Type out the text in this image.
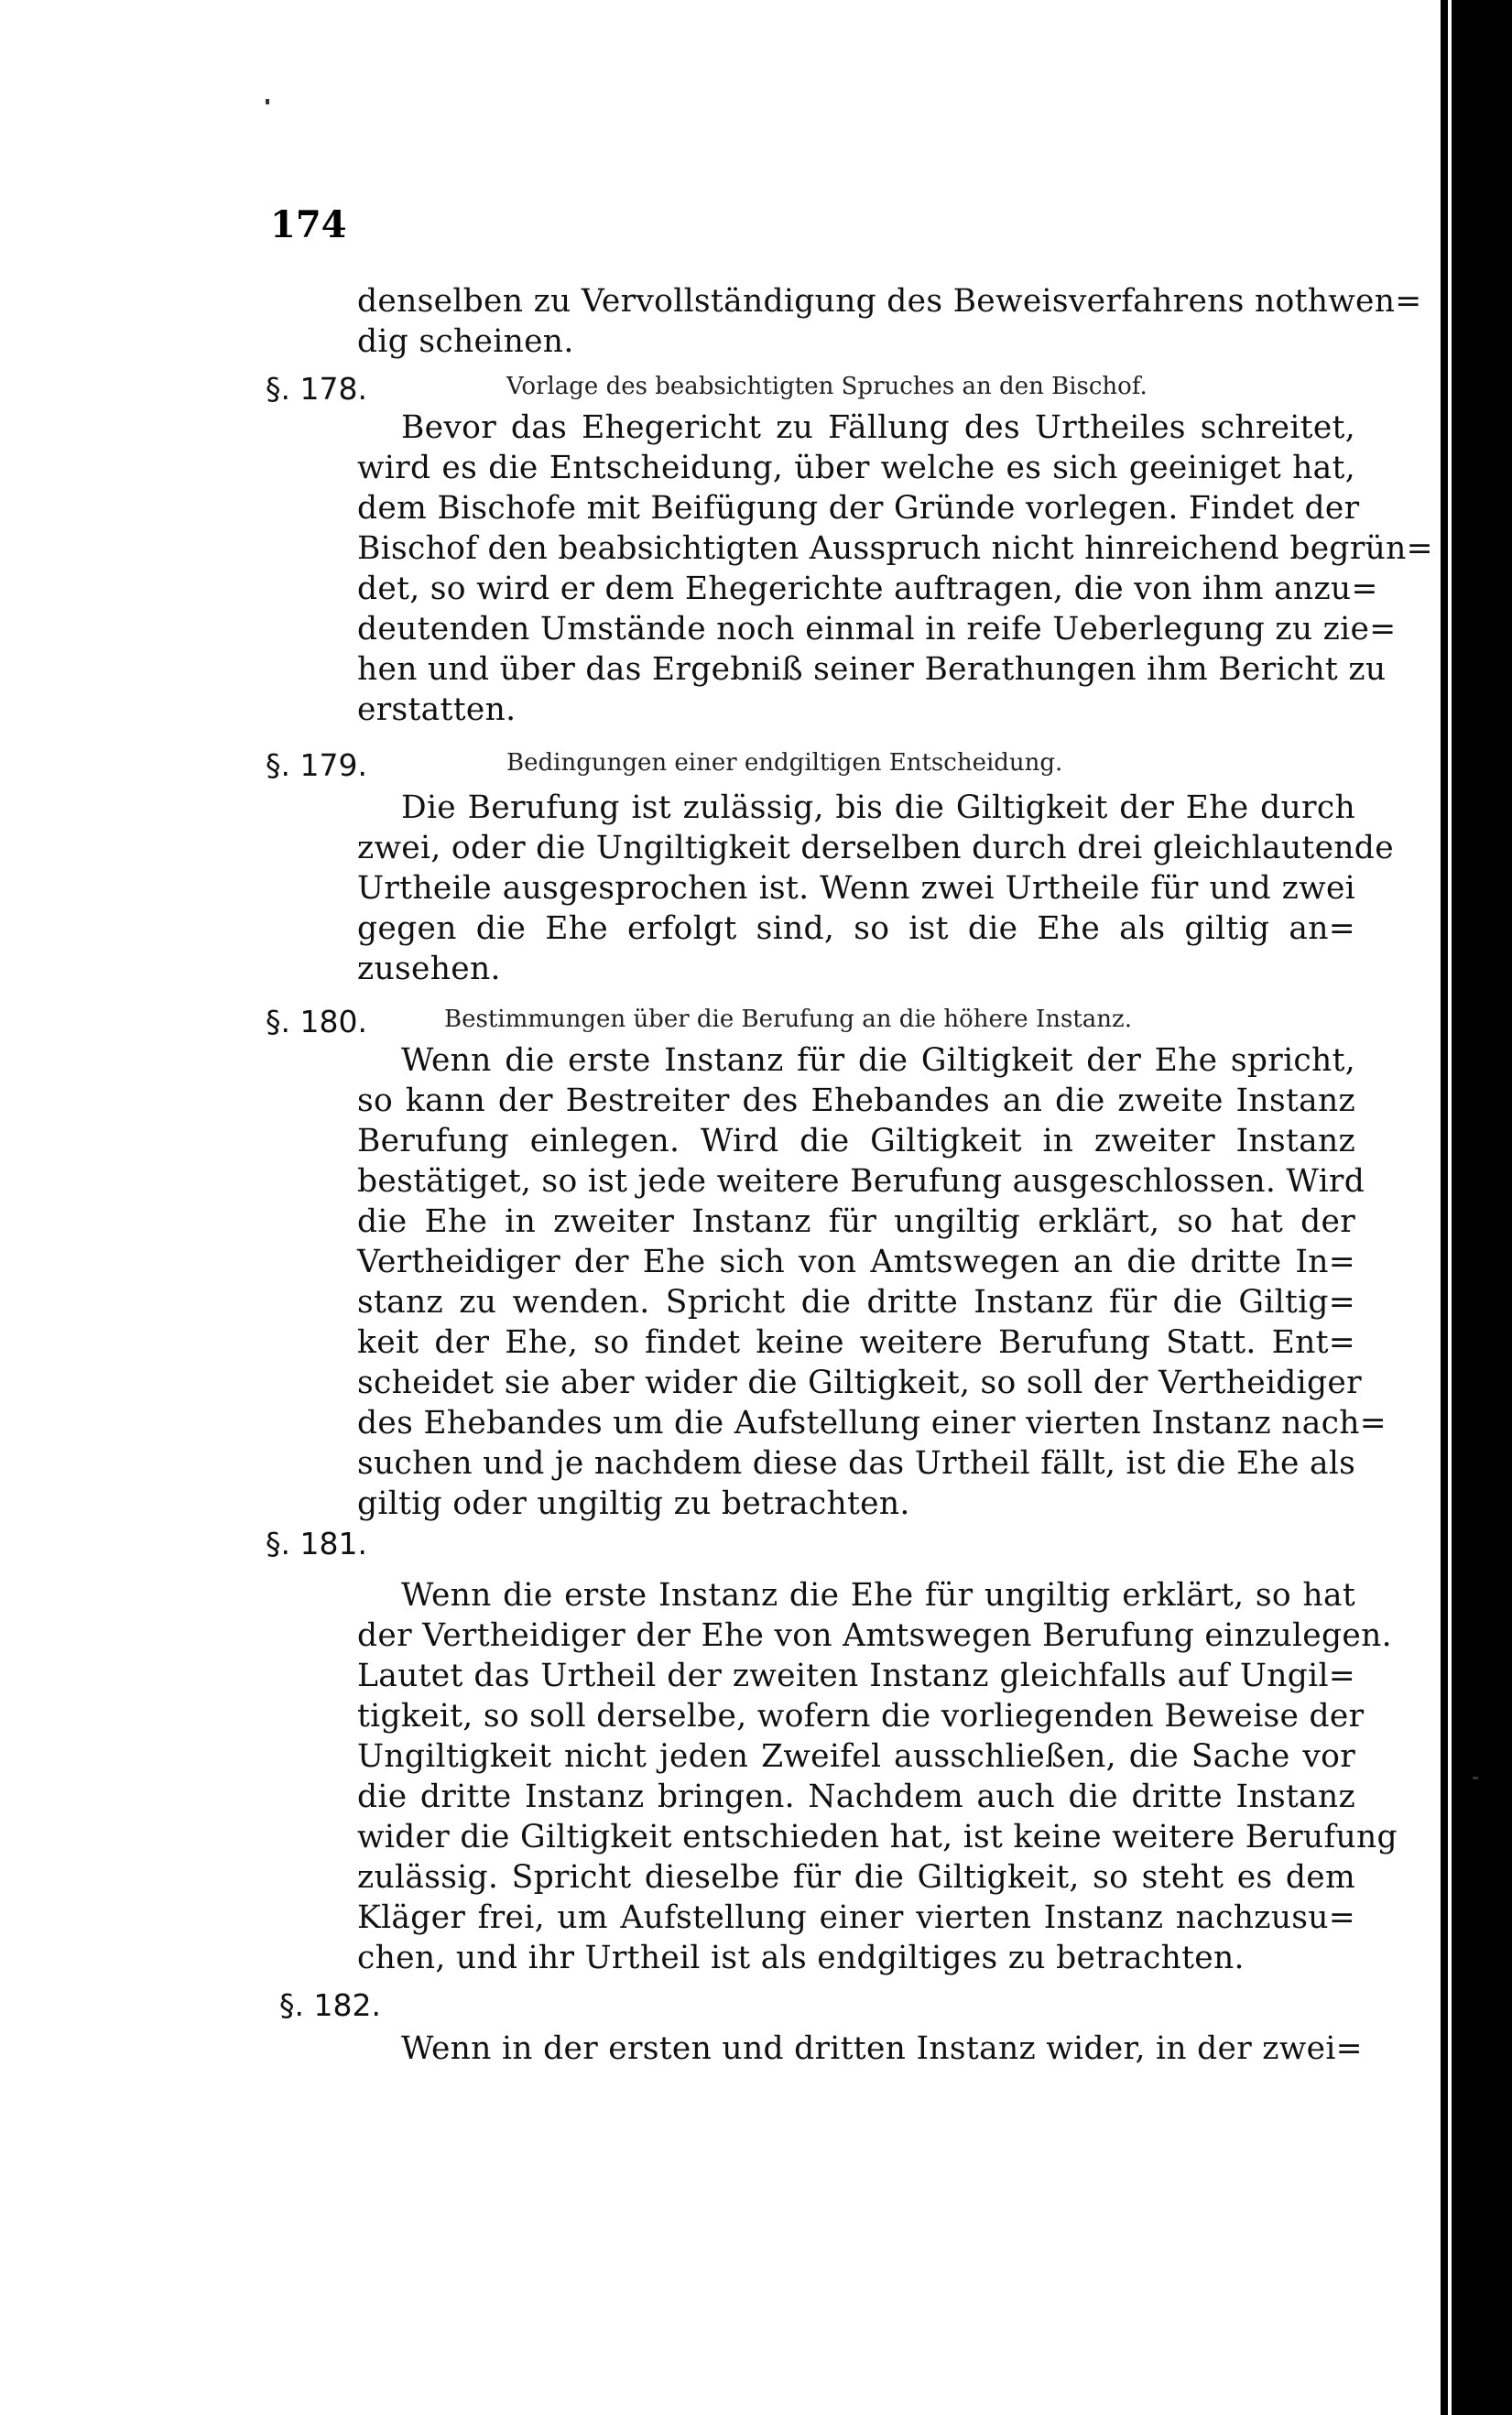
174
denselben zu Vervollständigung des Beweisverfahrens nothwen=
dig scheinen.
§. 178.	Vorlage des beabsichtigten Spruches an den Bischof.
Bevor das Ehegericht zu Fällung des Urtheiles schreitet,
wird es die Entscheidung, über welche es sich geeiniget hat,
dem Bischofe mit Beifügung der Gründe vorlegen. Findet der
Bischof den beabsichtigten Ausspruch nicht hinreichend begrün=
det, so wird er dem Ehegerichte auftragen, die von ihm anzu=
deutenden Umstände noch einmal in reife Ueberlegung zu zie=
hen und über das Ergebniß seiner Berathungen ihm Bericht zu
erstatten.
§. 179.	Bedingungen einer endgiltigen Entscheidung.
Die Berufung ist zulässig, bis die Giltigkeit der Ehe durch
zwei, oder die Ungiltigkeit derselben durch drei gleichlautende
Urtheile ausgesprochen ist. Wenn zwei Urtheile für und zwei
gegen die Ehe erfolgt sind, so ist die Ehe als giltig an=
zusehen.
§. 180.	Bestimmungen über die Berufung an die höhere Instanz.
Wenn die erste Instanz für die Giltigkeit der Ehe spricht,
so kann der Bestreiter des Ehebandes an die zweite Instanz
Berufung einlegen. Wird die Giltigkeit in zweiter Instanz
bestätiget, so ist jede weitere Berufung ausgeschlossen. Wird
die Ehe in zweiter Instanz für ungiltig erklärt, so hat der
Vertheidiger der Ehe sich von Amtswegen an die dritte In=
stanz zu wenden. Spricht die dritte Instanz für die Giltig=
keit der Ehe, so findet keine weitere Berufung Statt. Ent=
scheidet sie aber wider die Giltigkeit, so soll der Vertheidiger
des Ehebandes um die Aufstellung einer vierten Instanz nach=
suchen und je nachdem diese das Urtheil fällt, ist die Ehe als
giltig oder ungiltig zu betrachten.
§. 181.
Wenn die erste Instanz die Ehe für ungiltig erklärt, so hat
der Vertheidiger der Ehe von Amtswegen Berufung einzulegen.
Lautet das Urtheil der zweiten Instanz gleichfalls auf Ungil=
tigkeit, so soll derselbe, wofern die vorliegenden Beweise der
Ungiltigkeit nicht jeden Zweifel ausschließen, die Sache vor
die dritte Instanz bringen. Nachdem auch die dritte Instanz
wider die Giltigkeit entschieden hat, ist keine weitere Berufung
zulässig. Spricht dieselbe für die Giltigkeit, so steht es dem
Kläger frei, um Aufstellung einer vierten Instanz nachzusu=
chen, und ihr Urtheil ist als endgiltiges zu betrachten.
§. 182.
Wenn in der ersten und dritten Instanz wider, in der zwei=
